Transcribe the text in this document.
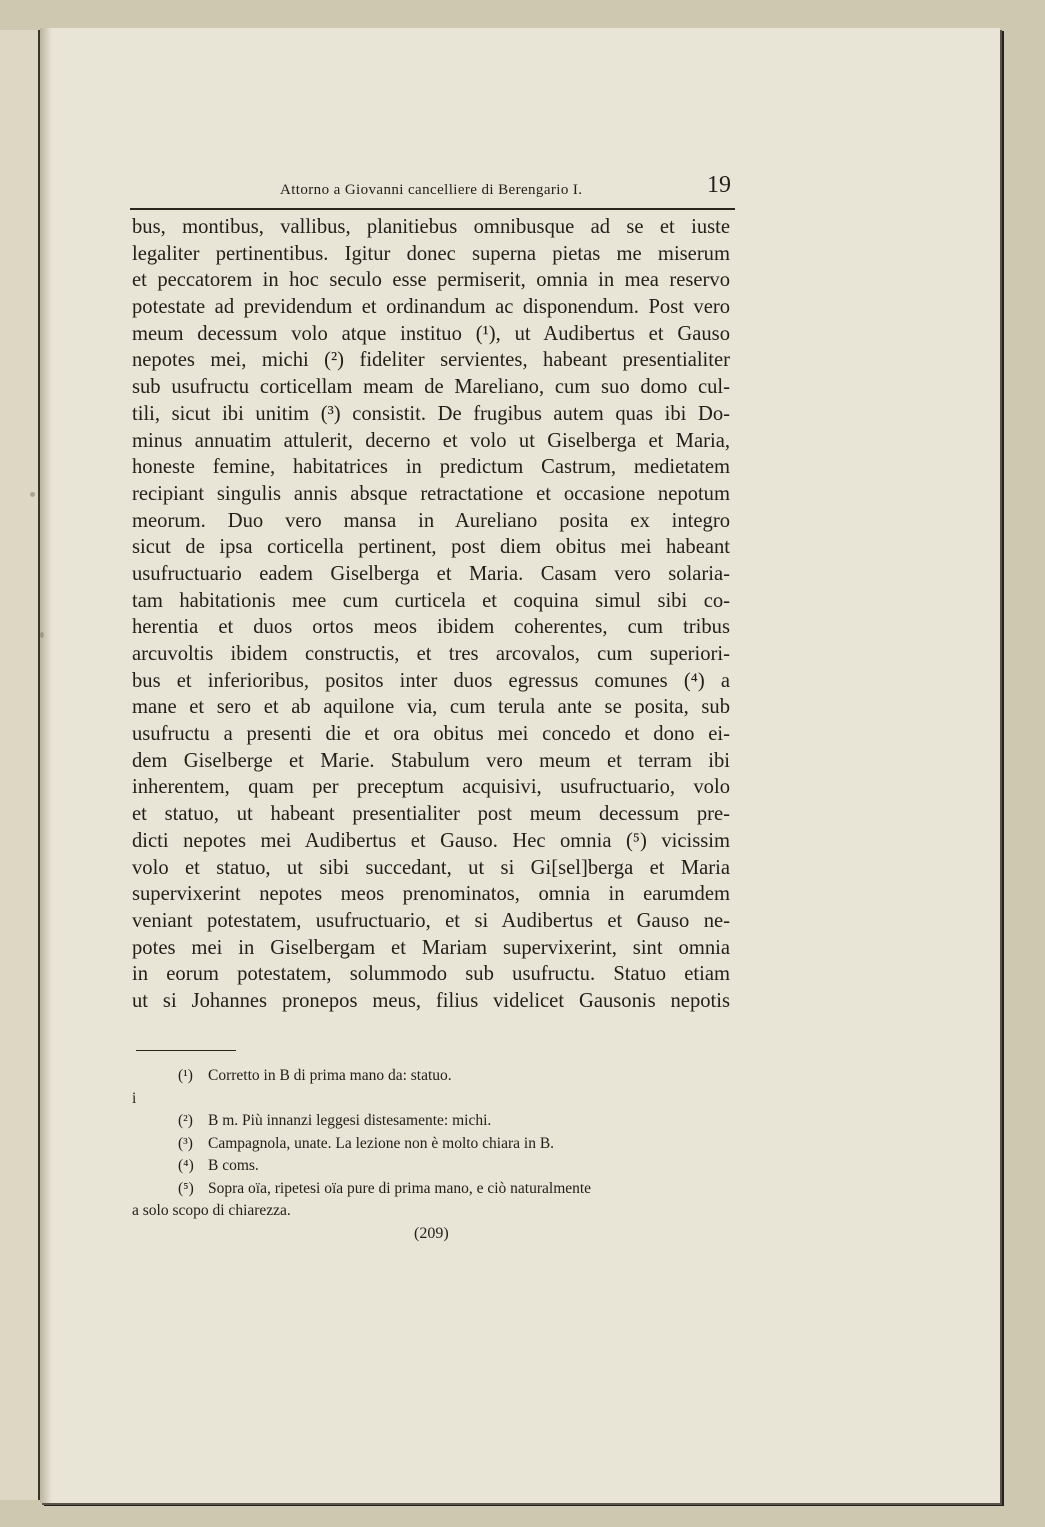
Attorno a Giovanni cancelliere di Berengario I.	19
bus, montibus, vallibus, planitiebus omnibusque ad se et iuste
legaliter pertinentibus. Igitur donec superna pietas me miserum
et peccatorem in hoc seculo esse permiserit, omnia in mea reservo
potestate ad previdendum et ordinandum ac disponendum. Post vero
meum decessum volo atque instituo (¹), ut Audibertus et Gauso
nepotes mei, michi (²) fideliter servientes, habeant presentialiter
sub usufructu corticellam meam de Mareliano, cum suo domo cul-
tili, sicut ibi unitim (³) consistit. De frugibus autem quas ibi Do-
minus annuatim attulerit, decerno et volo ut Giselberga et Maria,
honeste femine, habitatrices in predictum Castrum, medietatem
recipiant singulis annis absque retractatione et occasione nepotum
meorum. Duo vero mansa in Aureliano posita ex integro
sicut de ipsa corticella pertinent, post diem obitus mei habeant
usufructuario eadem Giselberga et Maria. Casam vero solaria-
tam habitationis mee cum curticela et coquina simul sibi co-
herentia et duos ortos meos ibidem coherentes, cum tribus
arcuvoltis ibidem constructis, et tres arcovalos, cum superiori-
bus et inferioribus, positos inter duos egressus comunes (⁴) a
mane et sero et ab aquilone via, cum terula ante se posita, sub
usufructu a presenti die et ora obitus mei concedo et dono ei-
dem Giselberge et Marie. Stabulum vero meum et terram ibi
inherentem, quam per preceptum acquisivi, usufructuario, volo
et statuo, ut habeant presentialiter post meum decessum pre-
dicti nepotes mei Audibertus et Gauso. Hec omnia (⁵) vicissim
volo et statuo, ut sibi succedant, ut si Gi[sel]berga et Maria
supervixerint nepotes meos prenominatos, omnia in earumdem
veniant potestatem, usufructuario, et si Audibertus et Gauso ne-
potes mei in Giselbergam et Mariam supervixerint, sint omnia
in eorum potestatem, solummodo sub usufructu. Statuo etiam
ut si Johannes pronepos meus, filius videlicet Gausonis nepotis
(¹) Corretto in B di prima mano da: statuo.
i
(²) B m. Più innanzi leggesi distesamente: michi.
(³) Campagnola, unate. La lezione non è molto chiara in B.
(⁴) B coms.
(⁵) Sopra oïa, ripetesi oïa pure di prima mano, e ciò naturalmente
a solo scopo di chiarezza.
(209)
